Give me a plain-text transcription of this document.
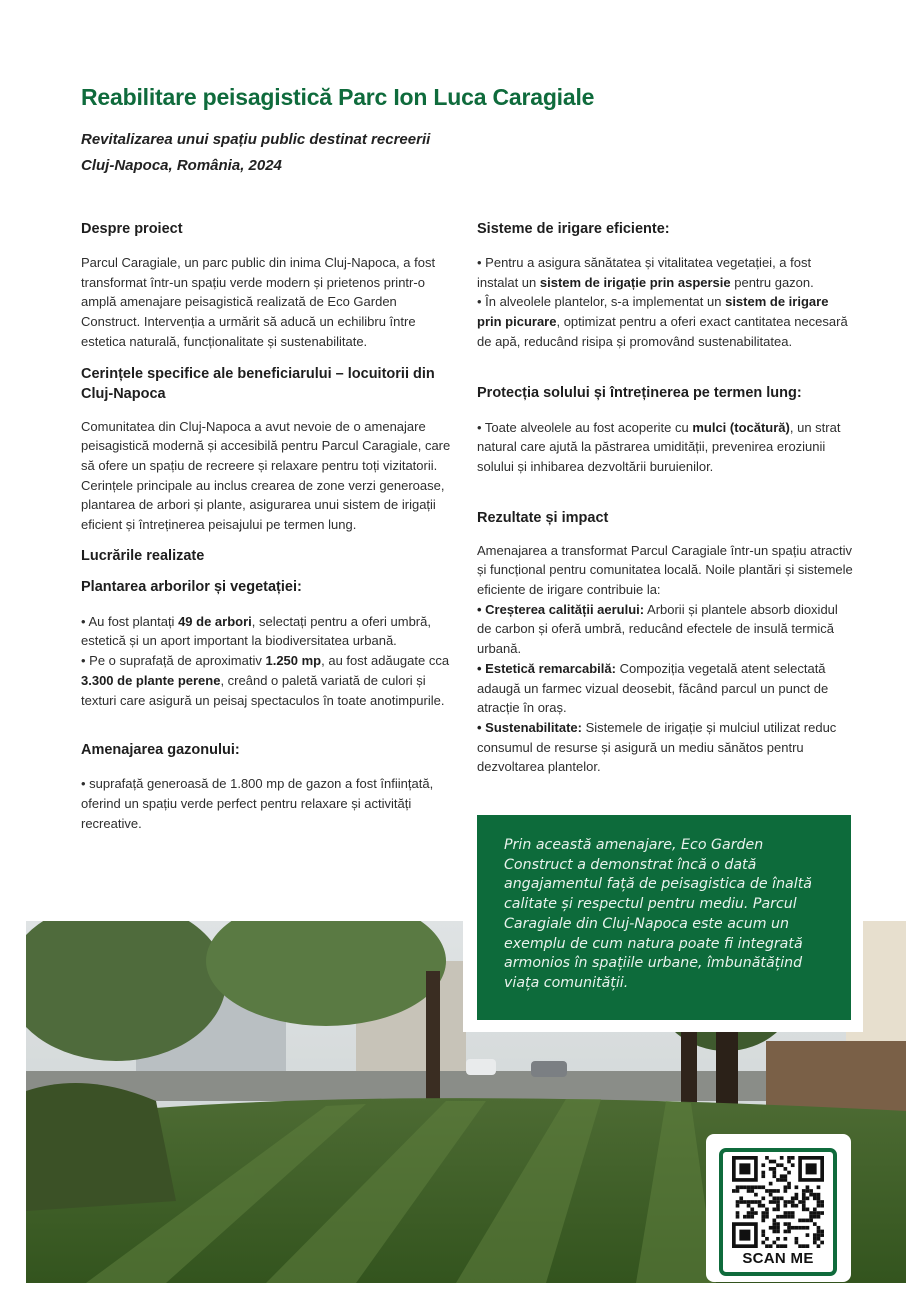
Reabilitare peisagistică Parc Ion Luca Caragiale
Revitalizarea unui spațiu public destinat recreerii
Cluj-Napoca, România, 2024
Despre proiect

Parcul Caragiale, un parc public din inima Cluj-Napoca, a fost transformat într-un spațiu verde modern și prietenos printr-o amplă amenajare peisagistică realizată de Eco Garden Construct. Intervenția a urmărit să aducă un echilibru între estetica naturală, funcționalitate și sustenabilitate.

Cerințele specifice ale beneficiarului – locuitorii din Cluj-Napoca

Comunitatea din Cluj-Napoca a avut nevoie de o amenajare peisagistică modernă și accesibilă pentru Parcul Caragiale, care să ofere un spațiu de recreere și relaxare pentru toți vizitatorii. Cerințele principale au inclus crearea de zone verzi generoase, plantarea de arbori și plante, asigurarea unui sistem de irigații eficient și întreținerea peisajului pe termen lung.

Lucrările realizate
Plantarea arborilor și vegetației:

• Au fost plantați 49 de arbori, selectați pentru a oferi umbră, estetică și un aport important la biodiversitatea urbană.

• Pe o suprafață de aproximativ 1.250 mp, au fost adăugate cca 3.300 de plante perene, creând o paletă variată de culori și texturi care asigură un peisaj spectaculos în toate anotimpurile.

Amenajarea gazonului:

• suprafață generoasă de 1.800 mp de gazon a fost înființată, oferind un spațiu verde perfect pentru relaxare și activități recreative.

Sisteme de irigare eficiente:

• Pentru a asigura sănătatea și vitalitatea vegetației, a fost instalat un sistem de irigație prin aspersie pentru gazon.

• În alveolele plantelor, s-a implementat un sistem de irigare prin picurare, optimizat pentru a oferi exact cantitatea necesară de apă, reducând risipa și promovând sustenabilitatea.

Protecția solului și întreținerea pe termen lung:

• Toate alveolele au fost acoperite cu mulci (tocătură), un strat natural care ajută la păstrarea umidității, prevenirea eroziunii solului și inhibarea dezvoltării buruienilor.

Rezultate și impact

Amenajarea a transformat Parcul Caragiale într-un spațiu atractiv și funcțional pentru comunitatea locală. Noile plantări și sistemele eficiente de irigare contribuie la:

• Creșterea calității aerului: Arborii și plantele absorb dioxidul de carbon și oferă umbră, reducând efectele de insulă termică urbană.

• Estetică remarcabilă: Compoziția vegetală atent selectată adaugă un farmec vizual deosebit, făcând parcul un punct de atracție în oraș.

• Sustenabilitate: Sistemele de irigație și mulciul utilizat reduc consumul de resurse și asigură un mediu sănătos pentru dezvoltarea plantelor.

Prin această amenajare, Eco Garden Construct a demonstrat încă o dată angajamentul față de peisagistica de înaltă calitate și respectul pentru mediu. Parcul Caragiale din Cluj-Napoca este acum un exemplu de cum natura poate fi integrată armonios în spațiile urbane, îmbunătățind viața comunității.
SCAN ME
